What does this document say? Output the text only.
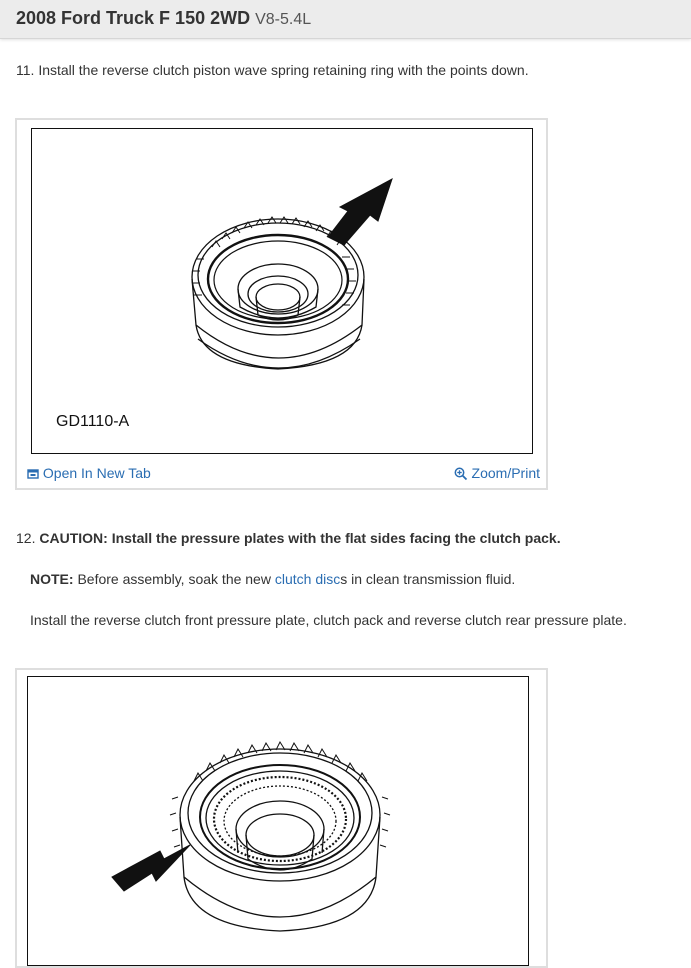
2008 Ford Truck F 150 2WD V8-5.4L
11. Install the reverse clutch piston wave spring retaining ring with the points down.
GD1110-A
Open In New Tab	Zoom/Print
12. CAUTION: Install the pressure plates with the flat sides facing the clutch pack.
NOTE: Before assembly, soak the new clutch discs in clean transmission fluid.
Install the reverse clutch front pressure plate, clutch pack and reverse clutch rear pressure plate.
